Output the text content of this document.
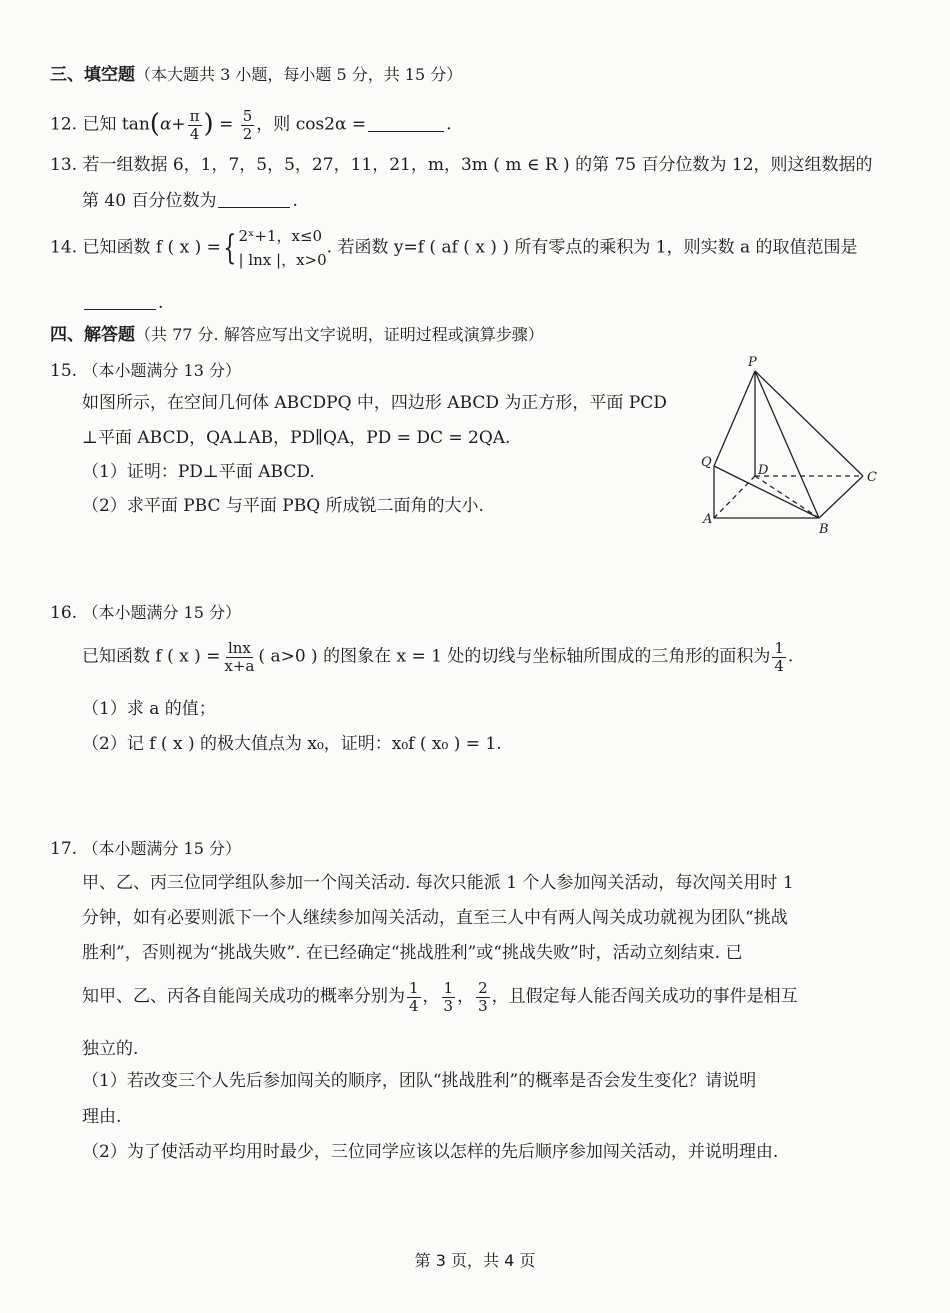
三、填空题（本大题共 3 小题，每小题 5 分，共 15 分）
12. 已知 $\tan(\alpha+ \frac{\pi}{4}$ ) = $\frac{5}{2}$ ，则 cos2α =	.
13. 若一组数据 6，1，7，5，5，27，11，21，m，3m ( m ∈ R ) 的第 75 百分位数为 12，则这组数据的
第 40 百分位数为	.
14. 已知函数 f ( x ) ={ 2ˣ+1，x≤0
| lnx |，x>0
. 若函数 y=f ( af ( x ) ) 所有零点的乘积为 1，则实数 a 的取值范围是
.
四、解答题（共 77 分. 解答应写出文字说明，证明过程或演算步骤）
15. （本小题满分 13 分）
如图所示，在空间几何体 ABCDPQ 中，四边形 ABCD 为正方形，平面 PCD
⊥平面 ABCD，QA⊥AB，PD∥QA，PD = DC = 2QA.
（1）证明：PD⊥平面 ABCD.
（2）求平面 PBC 与平面 PBQ 所成锐二面角的大小.
P
Q
D	C
A
B
16. （本小题满分 15 分）
已知函数 f ( x ) = $\frac{\ln x}{x+a}$ ( a>0 ) 的图象在 x = 1 处的切线与坐标轴所围成的三角形的面积为 $\frac{1}{4}$ .
（1）求 a 的值；
（2）记 f ( x ) 的极大值点为 x₀，证明：x₀f ( x₀ ) = 1.
17. （本小题满分 15 分）
甲、乙、丙三位同学组队参加一个闯关活动. 每次只能派 1 个人参加闯关活动，每次闯关用时 1
分钟，如有必要则派下一个人继续参加闯关活动，直至三人中有两人闯关成功就视为团队“挑战
胜利”，否则视为“挑战失败”. 在已经确定“挑战胜利”或“挑战失败”时，活动立刻结束. 已
知甲、乙、丙各自能闯关成功的概率分别为 $\frac{1}{4}$ ， $\frac{1}{3}$ ， $\frac{2}{3}$ ，且假定每人能否闯关成功的事件是相互
独立的.
（1）若改变三个人先后参加闯关的顺序，团队“挑战胜利”的概率是否会发生变化？请说明
理由.
（2）为了使活动平均用时最少，三位同学应该以怎样的先后顺序参加闯关活动，并说明理由.
第 3 页，共 4 页
